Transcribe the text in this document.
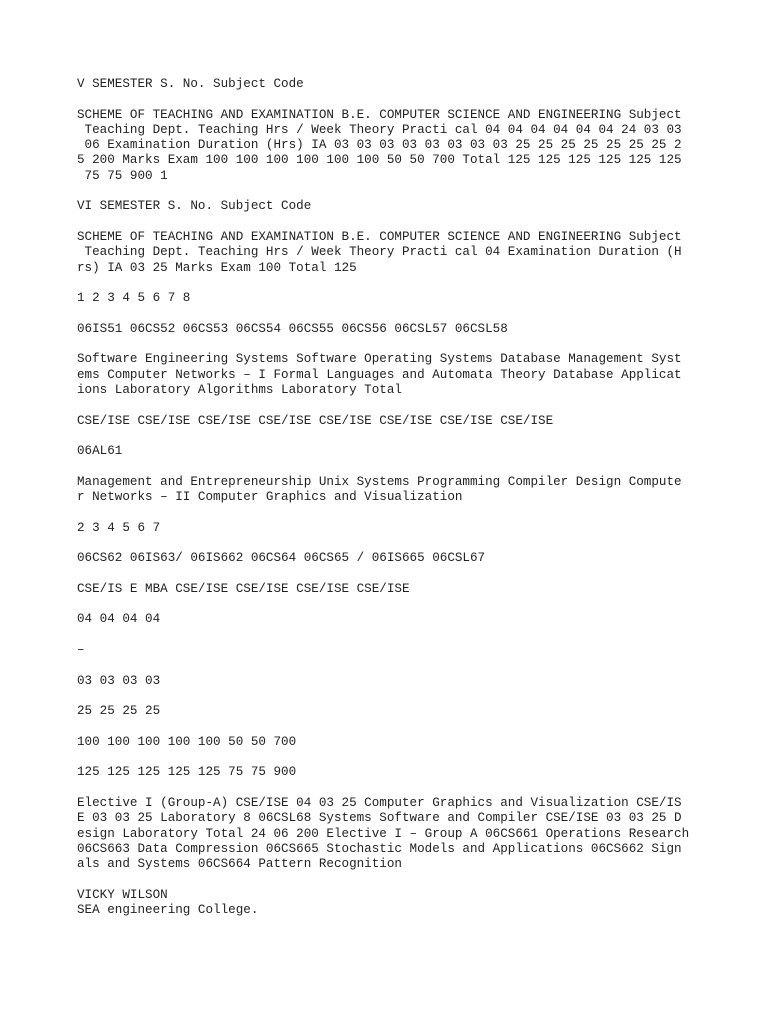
V SEMESTER S. No. Subject Code
SCHEME OF TEACHING AND EXAMINATION B.E. COMPUTER SCIENCE AND ENGINEERING Subject
Teaching Dept. Teaching Hrs / Week Theory Practi cal 04 04 04 04 04 04 24 03 03
06 Examination Duration (Hrs) IA 03 03 03 03 03 03 03 03 25 25 25 25 25 25 25 2
5 200 Marks Exam 100 100 100 100 100 100 50 50 700 Total 125 125 125 125 125 125
75 75 900 1
VI SEMESTER S. No. Subject Code
SCHEME OF TEACHING AND EXAMINATION B.E. COMPUTER SCIENCE AND ENGINEERING Subject
Teaching Dept. Teaching Hrs / Week Theory Practi cal 04 Examination Duration (H
rs) IA 03 25 Marks Exam 100 Total 125
1 2 3 4 5 6 7 8
06IS51 06CS52 06CS53 06CS54 06CS55 06CS56 06CSL57 06CSL58
Software Engineering Systems Software Operating Systems Database Management Syst
ems Computer Networks – I Formal Languages and Automata Theory Database Applicat
ions Laboratory Algorithms Laboratory Total
CSE/ISE CSE/ISE CSE/ISE CSE/ISE CSE/ISE CSE/ISE CSE/ISE CSE/ISE
06AL61
Management and Entrepreneurship Unix Systems Programming Compiler Design Compute
r Networks – II Computer Graphics and Visualization
2 3 4 5 6 7
06CS62 06IS63/ 06IS662 06CS64 06CS65 / 06IS665 06CSL67
CSE/IS E MBA CSE/ISE CSE/ISE CSE/ISE CSE/ISE
04 04 04 04
–
03 03 03 03
25 25 25 25
100 100 100 100 100 50 50 700
125 125 125 125 125 75 75 900
Elective I (Group-A) CSE/ISE 04 03 25 Computer Graphics and Visualization CSE/IS
E 03 03 25 Laboratory 8 06CSL68 Systems Software and Compiler CSE/ISE 03 03 25 D
esign Laboratory Total 24 06 200 Elective I – Group A 06CS661 Operations Research
06CS663 Data Compression 06CS665 Stochastic Models and Applications 06CS662 Sign
als and Systems 06CS664 Pattern Recognition
VICKY WILSON
SEA engineering College.
